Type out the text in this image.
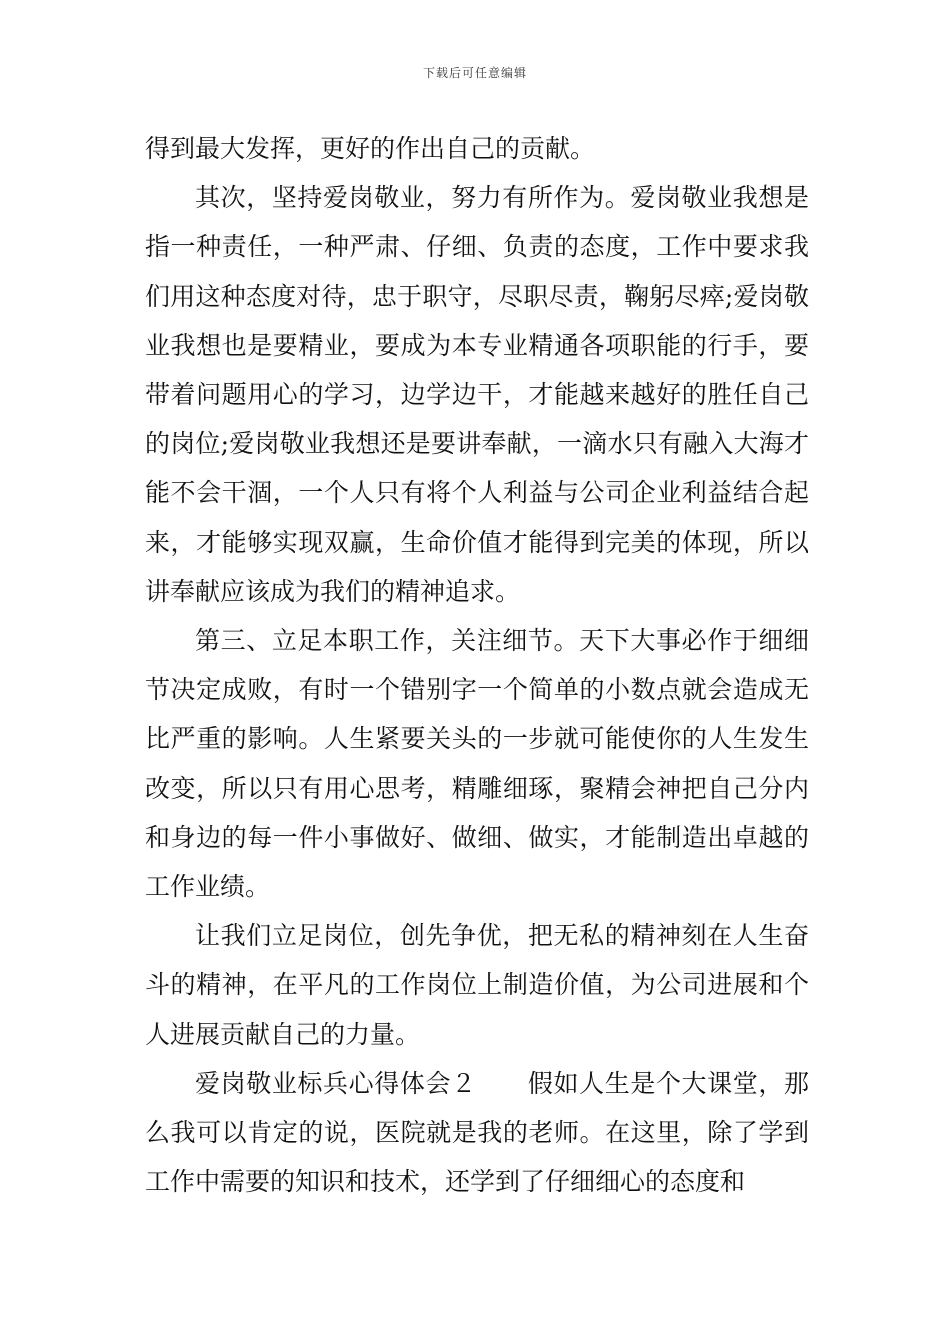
下载后可任意编辑

得到最大发挥，更好的作出自己的贡献。

其次，坚持爱岗敬业，努力有所作为。爱岗敬业我想是指一种责任，一种严肃、仔细、负责的态度，工作中要求我们用这种态度对待，忠于职守，尽职尽责，鞠躬尽瘁;爱岗敬业我想也是要精业，要成为本专业精通各项职能的行手，要带着问题用心的学习，边学边干，才能越来越好的胜任自己的岗位;爱岗敬业我想还是要讲奉献，一滴水只有融入大海才能不会干涸，一个人只有将个人利益与公司企业利益结合起来，才能够实现双赢，生命价值才能得到完美的体现，所以讲奉献应该成为我们的精神追求。

第三、立足本职工作，关注细节。天下大事必作于细细节决定成败，有时一个错别字一个简单的小数点就会造成无比严重的影响。人生紧要关头的一步就可能使你的人生发生改变，所以只有用心思考，精雕细琢，聚精会神把自己分内和身边的每一件小事做好、做细、做实，才能制造出卓越的工作业绩。

让我们立足岗位，创先争优，把无私的精神刻在人生奋斗的精神，在平凡的工作岗位上制造价值，为公司进展和个人进展贡献自己的力量。

爱岗敬业标兵心得体会２　　假如人生是个大课堂，那么我可以肯定的说，医院就是我的老师。在这里，除了学到工作中需要的知识和技术，还学到了仔细细心的态度和
